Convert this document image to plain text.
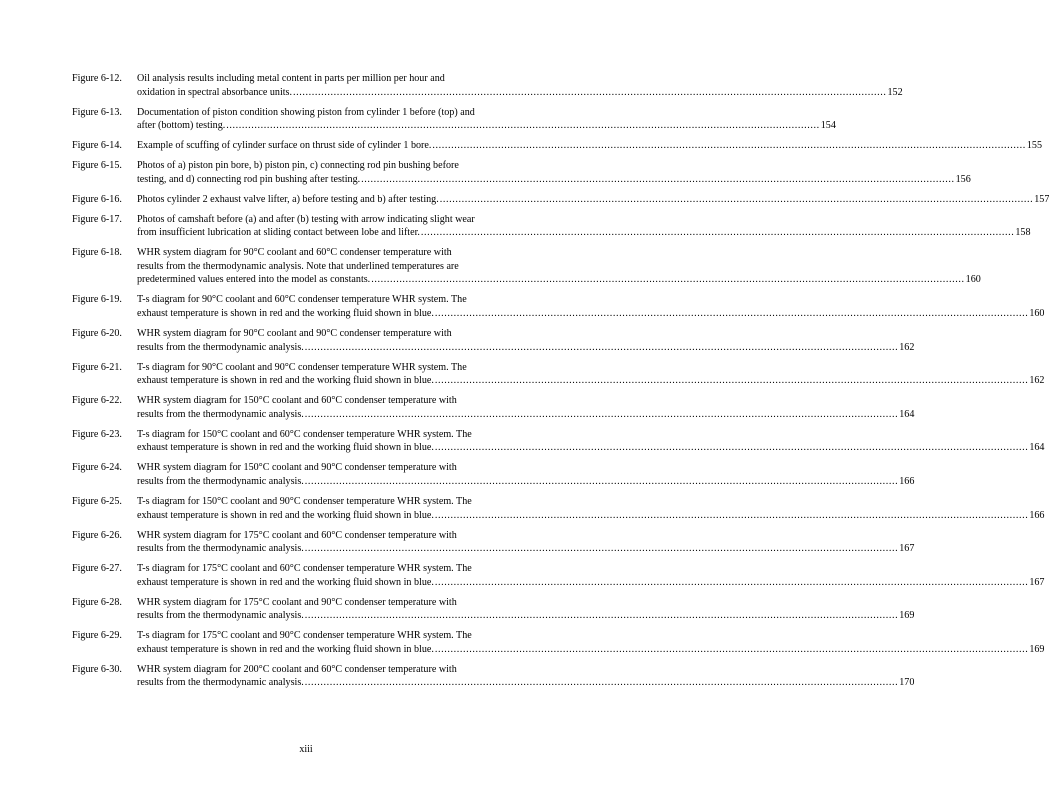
Figure 6-12.	Oil analysis results including metal content in parts per million per hour and
oxidation in spectral absorbance units. .............................................................................................................................................................................................. 152
Figure 6-13.	Documentation of piston condition showing piston from cylinder 1 before (top) and
after (bottom) testing. .............................................................................................................................................................................................. 154
Figure 6-14.	Example of scuffing of cylinder surface on thrust side of cylinder 1 bore. .............................................................................................................................................................................................. 155
Figure 6-15.	Photos of a) piston pin bore, b) piston pin, c) connecting rod pin bushing before
testing, and d) connecting rod pin bushing after testing. .............................................................................................................................................................................................. 156
Figure 6-16.	Photos cylinder 2 exhaust valve lifter, a) before testing and b) after testing. .............................................................................................................................................................................................. 157
Figure 6-17.	Photos of camshaft before (a) and after (b) testing with arrow indicating slight wear
from insufficient lubrication at sliding contact between lobe and lifter. .............................................................................................................................................................................................. 158
Figure 6-18.	WHR system diagram for 90°C coolant and 60°C condenser temperature with
results from the thermodynamic analysis. Note that underlined temperatures are
predetermined values entered into the model as constants. .............................................................................................................................................................................................. 160
Figure 6-19.	T-s diagram for 90°C coolant and 60°C condenser temperature WHR system. The
exhaust temperature is shown in red and the working fluid shown in blue. .............................................................................................................................................................................................. 160
Figure 6-20.	WHR system diagram for 90°C coolant and 90°C condenser temperature with
results from the thermodynamic analysis. .............................................................................................................................................................................................. 162
Figure 6-21.	T-s diagram for 90°C coolant and 90°C condenser temperature WHR system. The
exhaust temperature is shown in red and the working fluid shown in blue. .............................................................................................................................................................................................. 162
Figure 6-22.	WHR system diagram for 150°C coolant and 60°C condenser temperature with
results from the thermodynamic analysis. .............................................................................................................................................................................................. 164
Figure 6-23.	T-s diagram for 150°C coolant and 60°C condenser temperature WHR system. The
exhaust temperature is shown in red and the working fluid shown in blue. .............................................................................................................................................................................................. 164
Figure 6-24.	WHR system diagram for 150°C coolant and 90°C condenser temperature with
results from the thermodynamic analysis. .............................................................................................................................................................................................. 166
Figure 6-25.	T-s diagram for 150°C coolant and 90°C condenser temperature WHR system. The
exhaust temperature is shown in red and the working fluid shown in blue. .............................................................................................................................................................................................. 166
Figure 6-26.	WHR system diagram for 175°C coolant and 60°C condenser temperature with
results from the thermodynamic analysis. .............................................................................................................................................................................................. 167
Figure 6-27.	T-s diagram for 175°C coolant and 60°C condenser temperature WHR system. The
exhaust temperature is shown in red and the working fluid shown in blue. .............................................................................................................................................................................................. 167
Figure 6-28.	WHR system diagram for 175°C coolant and 90°C condenser temperature with
results from the thermodynamic analysis. .............................................................................................................................................................................................. 169
Figure 6-29.	T-s diagram for 175°C coolant and 90°C condenser temperature WHR system. The
exhaust temperature is shown in red and the working fluid shown in blue. .............................................................................................................................................................................................. 169
Figure 6-30.	WHR system diagram for 200°C coolant and 60°C condenser temperature with
results from the thermodynamic analysis. .............................................................................................................................................................................................. 170
xiii
